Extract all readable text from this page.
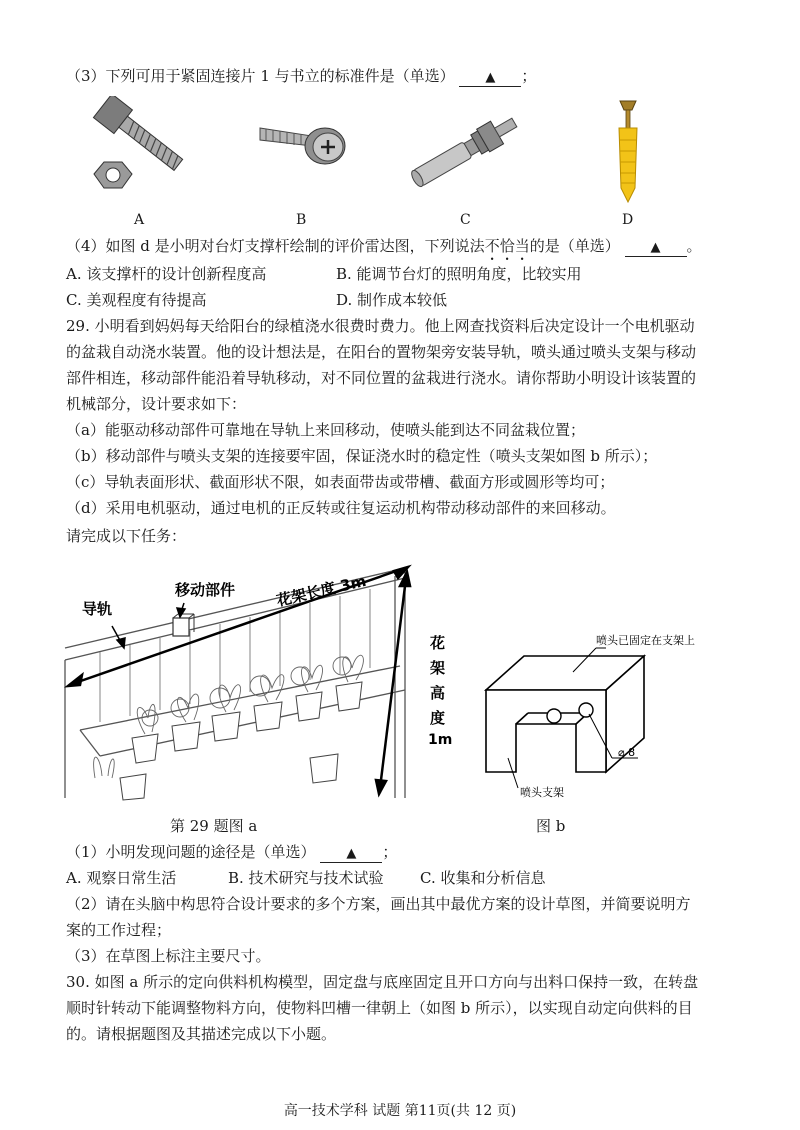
（3）下列可用于紧固连接片 1 与书立的标准件是（单选） ▲ ；
A	B	C	D
（4）如图 d 是小明对台灯支撑杆绘制的评价雷达图，下列说法不恰当的是（单选） ▲ 。
A. 该支撑杆的设计创新程度高	B. 能调节台灯的照明角度，比较实用
C. 美观程度有待提高	D. 制作成本较低
29. 小明看到妈妈每天给阳台的绿植浇水很费时费力。他上网查找资料后决定设计一个电机驱动
的盆栽自动浇水装置。他的设计想法是，在阳台的置物架旁安装导轨，喷头通过喷头支架与移动
部件相连，移动部件能沿着导轨移动，对不同位置的盆栽进行浇水。请你帮助小明设计该装置的
机械部分，设计要求如下：
（a）能驱动移动部件可靠地在导轨上来回移动，使喷头能到达不同盆栽位置；
（b）移动部件与喷头支架的连接要牢固，保证浇水时的稳定性（喷头支架如图 b 所示）；
（c）导轨表面形状、截面形状不限，如表面带齿或带槽、截面方形或圆形等均可；
（d）采用电机驱动，通过电机的正反转或往复运动机构带动移动部件的来回移动。
请完成以下任务：
花架长度 3m
移动部件
导轨
花
架
高
度
1m
喷头已固定在支架上
⌀ 8
喷头支架
第 29 题图 a	图 b
（1）小明发现问题的途径是（单选） ▲ ；
A. 观察日常生活	B. 技术研究与技术试验 C. 收集和分析信息
（2）请在头脑中构思符合设计要求的多个方案，画出其中最优方案的设计草图，并简要说明方
案的工作过程；
（3）在草图上标注主要尺寸。
30. 如图 a 所示的定向供料机构模型，固定盘与底座固定且开口方向与出料口保持一致，在转盘
顺时针转动下能调整物料方向，使物料凹槽一律朝上（如图 b 所示），以实现自动定向供料的目
的。请根据题图及其描述完成以下小题。
高一技术学科 试题 第11页(共 12 页)
